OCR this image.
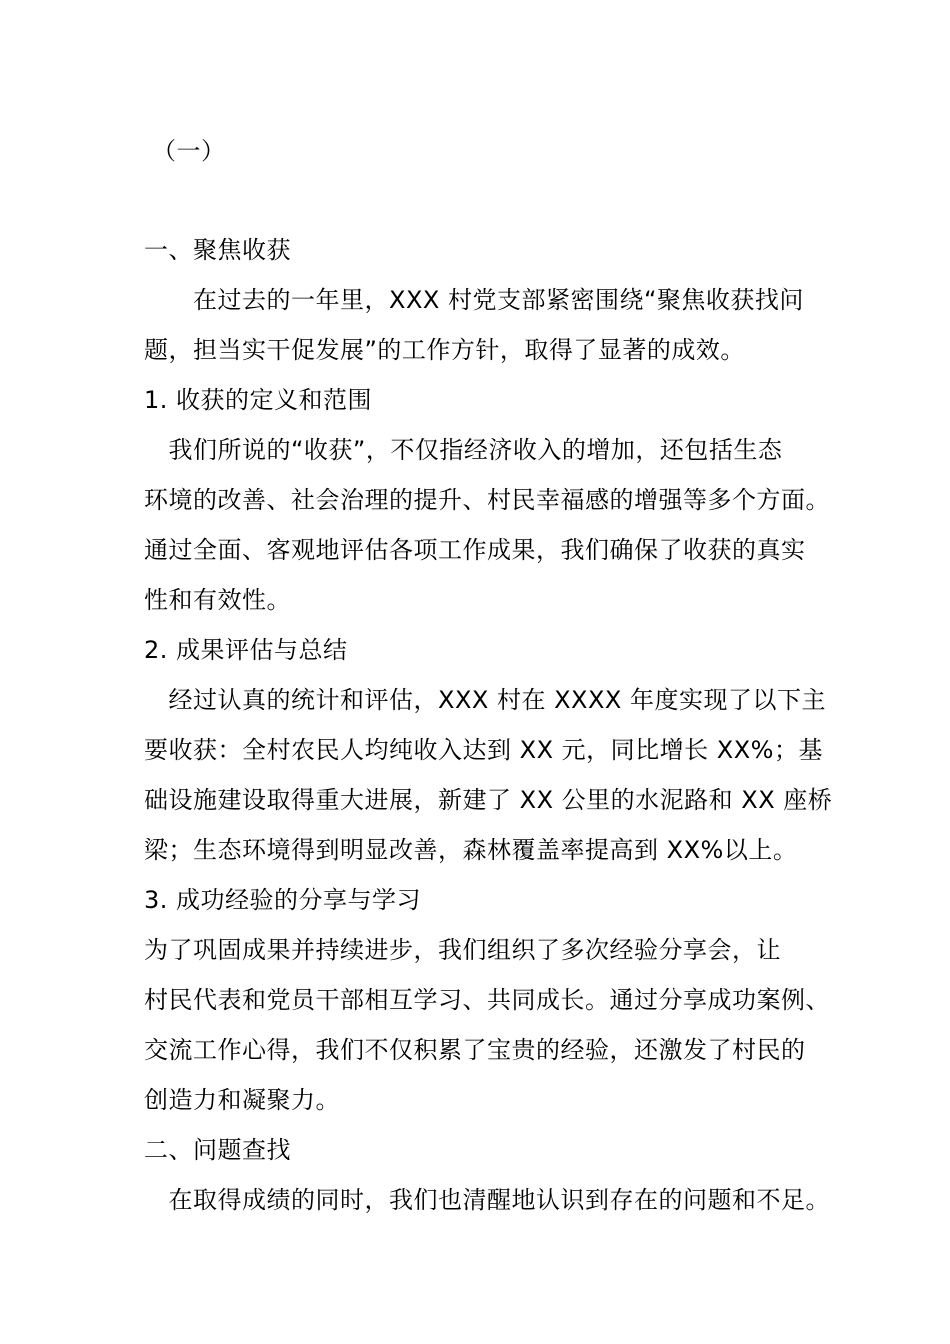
（一）
一、聚焦收获
　　在过去的一年里，XXX 村党支部紧密围绕“聚焦收获找问
题，担当实干促发展”的工作方针，取得了显著的成效。
1. 收获的定义和范围
　我们所说的“收获”，不仅指经济收入的增加，还包括生态
环境的改善、社会治理的提升、村民幸福感的增强等多个方面。
通过全面、客观地评估各项工作成果，我们确保了收获的真实
性和有效性。
2. 成果评估与总结
　经过认真的统计和评估，XXX 村在 XXXX 年度实现了以下主
要收获：全村农民人均纯收入达到 XX 元，同比增长 XX%；基
础设施建设取得重大进展，新建了 XX 公里的水泥路和 XX 座桥
梁；生态环境得到明显改善，森林覆盖率提高到 XX%以上。
3. 成功经验的分享与学习
为了巩固成果并持续进步，我们组织了多次经验分享会，让
村民代表和党员干部相互学习、共同成长。通过分享成功案例、
交流工作心得，我们不仅积累了宝贵的经验，还激发了村民的
创造力和凝聚力。
二、问题查找
　在取得成绩的同时，我们也清醒地认识到存在的问题和不足。
